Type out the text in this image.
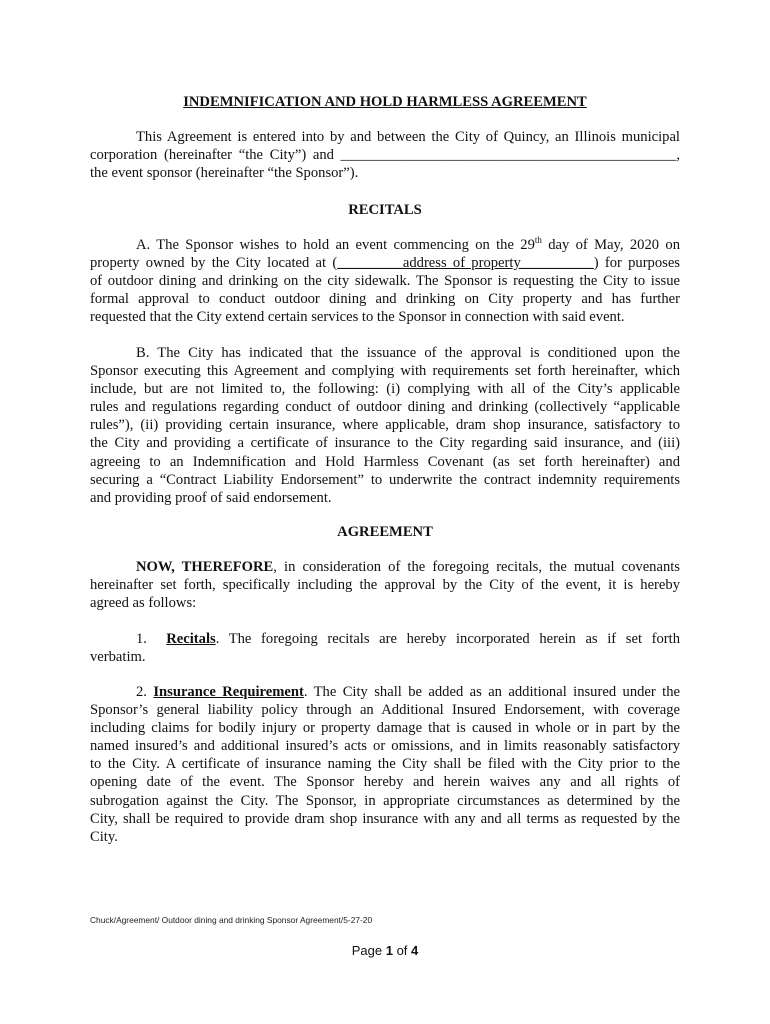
INDEMNIFICATION AND HOLD HARMLESS AGREEMENT
This Agreement is entered into by and between the City of Quincy, an Illinois municipal
corporation (hereinafter “the City”) and ______________________________________________,
the event sponsor (hereinafter “the Sponsor”).
RECITALS
A. The Sponsor wishes to hold an event commencing on the 29th day of May, 2020 on
property owned by the City located at (_________address of property__________) for purposes
of outdoor dining and drinking on the city sidewalk. The Sponsor is requesting the City to issue
formal approval to conduct outdoor dining and drinking on City property and has further
requested that the City extend certain services to the Sponsor in connection with said event.
B. The City has indicated that the issuance of the approval is conditioned upon the
Sponsor executing this Agreement and complying with requirements set forth hereinafter, which
include, but are not limited to, the following: (i) complying with all of the City’s applicable
rules and regulations regarding conduct of outdoor dining and drinking (collectively “applicable
rules”), (ii) providing certain insurance, where applicable, dram shop insurance, satisfactory to
the City and providing a certificate of insurance to the City regarding said insurance, and (iii)
agreeing to an Indemnification and Hold Harmless Covenant (as set forth hereinafter) and
securing a “Contract Liability Endorsement” to underwrite the contract indemnity requirements
and providing proof of said endorsement.
AGREEMENT
NOW, THEREFORE, in consideration of the foregoing recitals, the mutual covenants
hereinafter set forth, specifically including the approval by the City of the event, it is hereby
agreed as follows:
1. Recitals. The foregoing recitals are hereby incorporated herein as if set forth
verbatim.
2. Insurance Requirement. The City shall be added as an additional insured under the
Sponsor’s general liability policy through an Additional Insured Endorsement, with coverage
including claims for bodily injury or property damage that is caused in whole or in part by the
named insured’s and additional insured’s acts or omissions, and in limits reasonably satisfactory
to the City. A certificate of insurance naming the City shall be filed with the City prior to the
opening date of the event. The Sponsor hereby and herein waives any and all rights of
subrogation against the City. The Sponsor, in appropriate circumstances as determined by the
City, shall be required to provide dram shop insurance with any and all terms as requested by the
City.
Chuck/Agreement/ Outdoor dining and drinking Sponsor Agreement/5-27-20
Page 1 of 4
